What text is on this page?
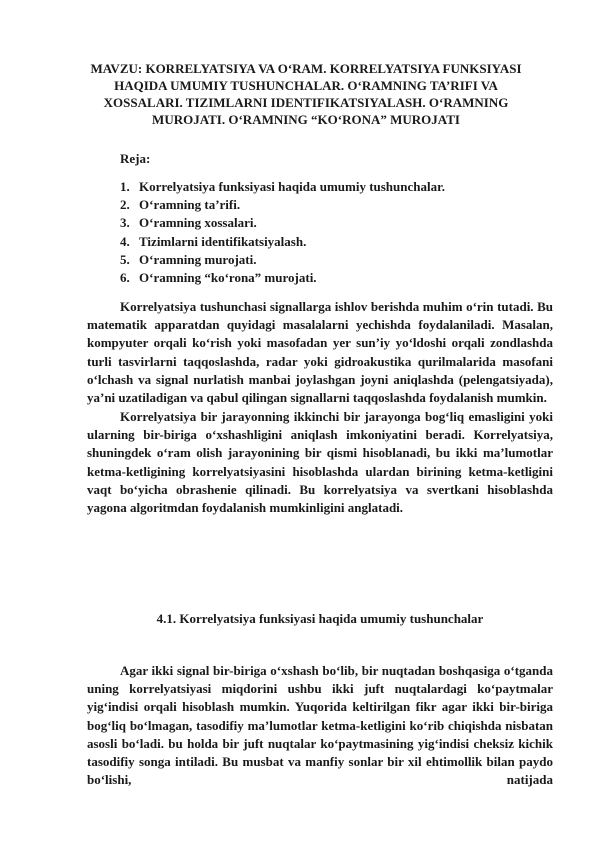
MAVZU: KORRELYATSIYA VA O‘RAM. KORRELYATSIYA FUNKSIYASI HAQIDA UMUMIY TUSHUNCHALAR. O‘RAMNING TA’RIFI VA XOSSALARI. TIZIMLARNI IDENTIFIKATSIYALASH. O‘RAMNING MUROJATI. O‘RAMNING “KO‘RONA” MUROJATI

Reja:

1. Korrelyatsiya funksiyasi haqida umumiy tushunchalar.
2. O‘ramning ta’rifi.
3. O‘ramning xossalari.
4. Tizimlarni identifikatsiyalash.
5. O‘ramning murojati.
6. O‘ramning “ko‘rona” murojati.

Korrelyatsiya tushunchasi signallarga ishlov berishda muhim o‘rin tutadi. Bu matematik apparatdan quyidagi masalalarni yechishda foydalaniladi. Masalan, kompyuter orqali ko‘rish yoki masofadan yer sun’iy yo‘ldoshi orqali zondlashda turli tasvirlarni taqqoslashda, radar yoki gidroakustika qurilmalarida masofani o‘lchash va signal nurlatish manbai joylashgan joyni aniqlashda (pelengatsiyada), ya’ni uzatiladigan va qabul qilingan signallarni taqqoslashda foydalanish mumkin.

Korrelyatsiya bir jarayonning ikkinchi bir jarayonga bog‘liq emasligini yoki ularning bir-biriga o‘xshashligini aniqlash imkoniyatini beradi. Korrelyatsiya, shuningdek o‘ram olish jarayonining bir qismi hisoblanadi, bu ikki ma’lumotlar ketma-ketligining korrelyatsiyasini hisoblashda ulardan birining ketma-ketligini vaqt bo‘yicha obrashenie qilinadi. Bu korrelyatsiya va svertkani hisoblashda yagona algoritmdan foydalanish mumkinligini anglatadi.

4.1. Korrelyatsiya funksiyasi haqida umumiy tushunchalar

Agar ikki signal bir-biriga o‘xshash bo‘lib, bir nuqtadan boshqasiga o‘tganda uning korrelyatsiyasi miqdorini ushbu ikki juft nuqtalardagi ko‘paytmalar yig‘indisi orqali hisoblash mumkin. Yuqorida keltirilgan fikr agar ikki bir-biriga bog‘liq bo‘lmagan, tasodifiy ma’lumotlar ketma-ketligini ko‘rib chiqishda nisbatan asosli bo‘ladi. bu holda bir juft nuqtalar ko‘paytmasining yig‘indisi cheksiz kichik tasodifiy songa intiladi. Bu musbat va manfiy sonlar bir xil ehtimollik bilan paydo bo‘lishi, natijada
